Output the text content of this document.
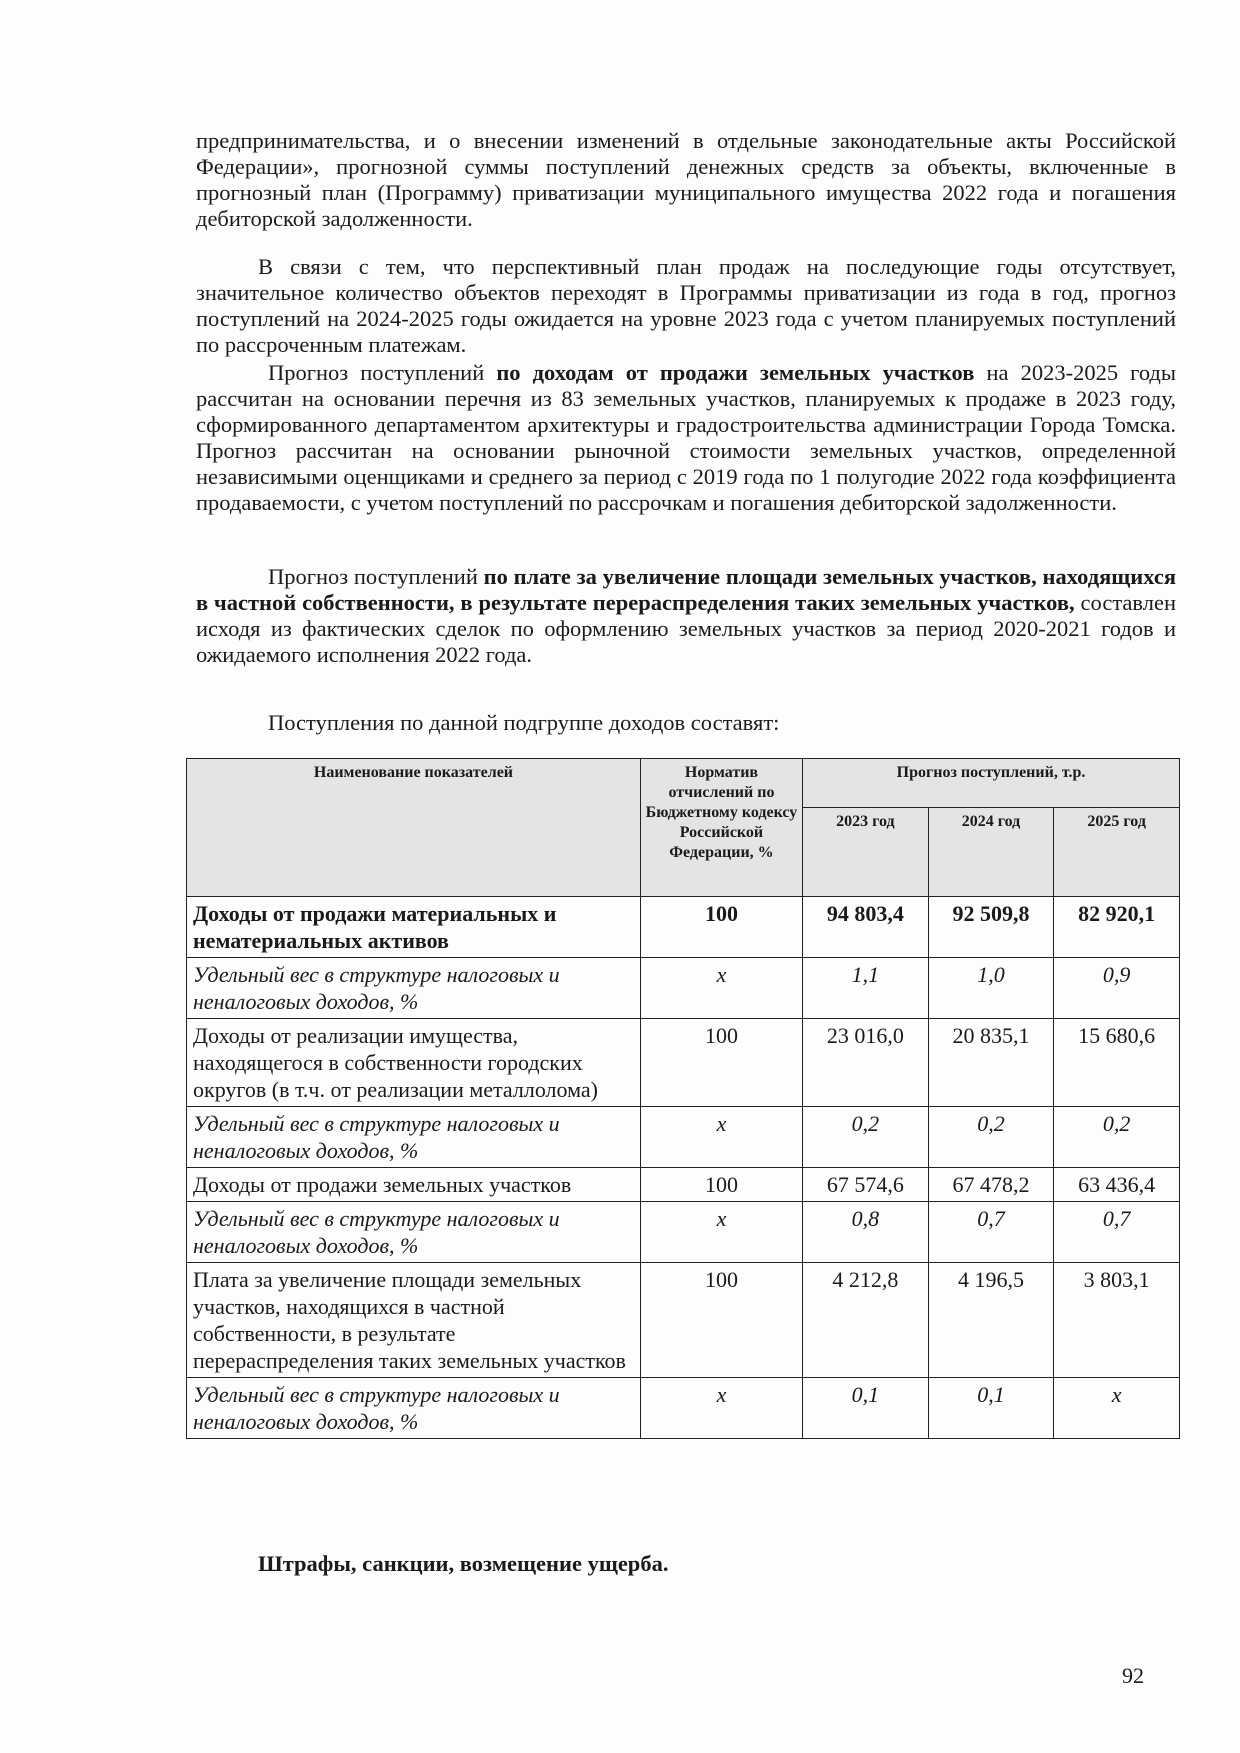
предпринимательства, и о внесении изменений в отдельные законодательные акты Российской Федерации», прогнозной суммы поступлений денежных средств за объекты, включенные в прогнозный план (Программу) приватизации муниципального имущества 2022 года и погашения дебиторской задолженности.

В связи с тем, что перспективный план продаж на последующие годы отсутствует, значительное количество объектов переходят в Программы приватизации из года в год, прогноз поступлений на 2024-2025 годы ожидается на уровне 2023 года с учетом планируемых поступлений по рассроченным платежам.

Прогноз поступлений по доходам от продажи земельных участков на 2023-2025 годы рассчитан на основании перечня из 83 земельных участков, планируемых к продаже в 2023 году, сформированного департаментом архитектуры и градостроительства администрации Города Томска. Прогноз рассчитан на основании рыночной стоимости земельных участков, определенной независимыми оценщиками и среднего за период с 2019 года по 1 полугодие 2022 года коэффициента продаваемости, с учетом поступлений по рассрочкам и погашения дебиторской задолженности.

Прогноз поступлений по плате за увеличение площади земельных участков, находящихся в частной собственности, в результате перераспределения таких земельных участков, составлен исходя из фактических сделок по оформлению земельных участков за период 2020-2021 годов и ожидаемого исполнения 2022 года.

Поступления по данной подгруппе доходов составят:
Наименование показателей	Норматив отчислений по Бюджетному кодексу Российской Федерации, %	Прогноз поступлений, т.р.		
		2023 год	2024 год	2025 год
Доходы от продажи материальных и нематериальных активов	100	94 803,4	92 509,8	82 920,1
Удельный вес в структуре налоговых и неналоговых доходов, %	х	1,1	1,0	0,9
Доходы от реализации имущества, находящегося в собственности городских округов (в т.ч. от реализации металлолома)	100	23 016,0	20 835,1	15 680,6
Удельный вес в структуре налоговых и неналоговых доходов, %	х	0,2	0,2	0,2
Доходы от продажи земельных участков	100	67 574,6	67 478,2	63 436,4
Удельный вес в структуре налоговых и неналоговых доходов, %	х	0,8	0,7	0,7
Плата за увеличение площади земельных участков, находящихся в частной собственности, в результате перераспределения таких земельных участков	100	4 212,8	4 196,5	3 803,1
Удельный вес в структуре налоговых и неналоговых доходов, %	х	0,1	0,1	х
Штрафы, санкции, возмещение ущерба.
92
